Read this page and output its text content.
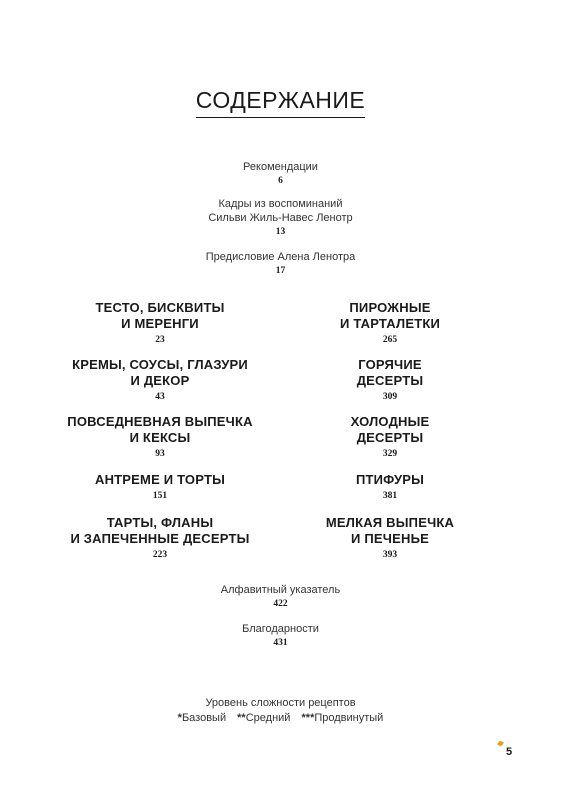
СОДЕРЖАНИЕ
Рекомендации
6
Кадры из воспоминаний
Сильви Жиль-Навес Ленотр
13
Предисловие Алена Ленотра
17
ТЕСТО, БИСКВИТЫ
И МЕРЕНГИ
23
КРЕМЫ, СОУСЫ, ГЛАЗУРИ
И ДЕКОР
43
ПОВСЕДНЕВНАЯ ВЫПЕЧКА
И КЕКСЫ
93
АНТРЕМЕ И ТОРТЫ
151
ТАРТЫ, ФЛАНЫ
И ЗАПЕЧЕННЫЕ ДЕСЕРТЫ
223
ПИРОЖНЫЕ
И ТАРТАЛЕТКИ
265
ГОРЯЧИЕ
ДЕСЕРТЫ
309
ХОЛОДНЫЕ
ДЕСЕРТЫ
329
ПТИФУРЫ
381
МЕЛКАЯ ВЫПЕЧКА
И ПЕЧЕНЬЕ
393
Алфавитный указатель
422
Благодарности
431
Уровень сложности рецептов
*Базовый **Средний ***Продвинутый
5
